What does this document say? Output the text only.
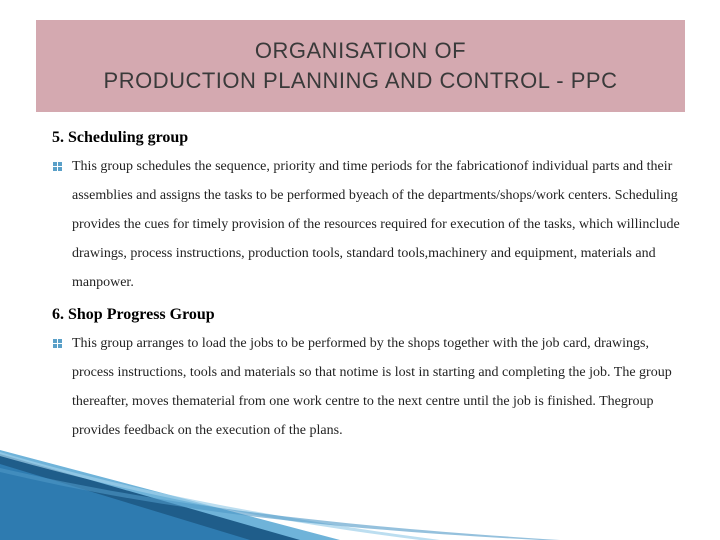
ORGANISATION OF
PRODUCTION PLANNING AND CONTROL - PPC
5. Scheduling group
This group schedules the sequence, priority and time periods for the fabricationof individual parts and their assemblies and assigns the tasks to be performed byeach of the departments/shops/work centers. Scheduling provides the cues for timely provision of the resources required for execution of the tasks, which willinclude drawings, process instructions, production tools, standard tools,machinery and equipment, materials and manpower.
6. Shop Progress Group
This group arranges to load the jobs to be performed by the shops together with the job card, drawings, process instructions, tools and materials so that notime is lost in starting and completing the job. The group thereafter, moves thematerial from one work centre to the next centre until the job is finished. Thegroup provides feedback on the execution of the plans.
